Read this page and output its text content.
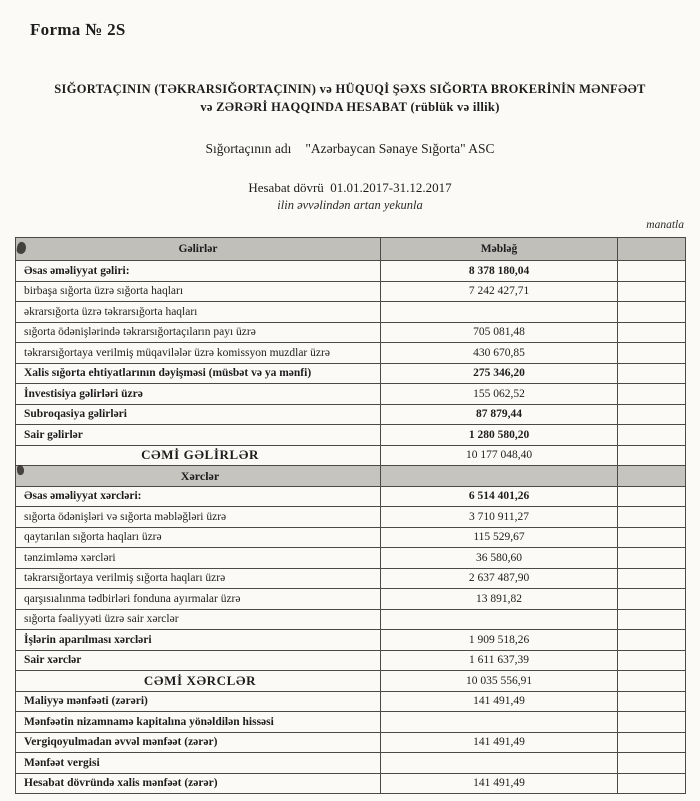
Forma № 2S
SIĞORTAÇININ (TƏKRARSIĞORTAÇININ) və HÜQUQİ ŞƏXS SIĞORTA BROKERİNİN MƏNFƏƏT
və ZƏRƏRİ HAQQINDA HESABAT (rüblük və illik)
Sığortaçının adı "Azərbaycan Sənaye Sığorta" ASC
Hesabat dövrü 01.01.2017-31.12.2017
ilin əvvəlindən artan yekunla
manatla
Gəlirlər	Məbləğ	
Əsas əməliyyat gəliri:	8 378 180,04	
birbaşa sığorta üzrə sığorta haqları	7 242 427,71	
əkrarsığorta üzrə təkrarsığorta haqları		
sığorta ödənişlərində təkrarsığortaçıların payı üzrə	705 081,48	
təkrarsığortaya verilmiş müqavilələr üzrə komissyon muzdlar üzrə	430 670,85	
Xalis sığorta ehtiyatlarının dəyişməsi (müsbət və ya mənfi)	275 346,20	
İnvestisiya gəlirləri üzrə	155 062,52	
Subroqasiya gəlirləri	87 879,44	
Sair gəlirlər	1 280 580,20	
CƏMİ GƏLİRLƏR	10 177 048,40	
Xərclər		
Əsas əməliyyat xərcləri:	6 514 401,26	
sığorta ödənişləri və sığorta məbləğləri üzrə	3 710 911,27	
qaytarılan sığorta haqları üzrə	115 529,67	
tənzimləmə xərcləri	36 580,60	
təkrarsığortaya verilmiş sığorta haqları üzrə	2 637 487,90	
qarşısıalınma tədbirləri fonduna ayırmalar üzrə	13 891,82	
sığorta fəaliyyəti üzrə sair xərclər		
İşlərin aparılması xərcləri	1 909 518,26	
Sair xərclər	1 611 637,39	
CƏMİ XƏRCLƏR	10 035 556,91	
Maliyyə mənfəəti (zərəri)	141 491,49	
Mənfəətin nizamnamə kapitalına yönəldilən hissəsi		
Vergiqoyulmadan əvvəl mənfəət (zərər)	141 491,49	
Mənfəət vergisi		
Hesabat dövründə xalis mənfəət (zərər)	141 491,49	
